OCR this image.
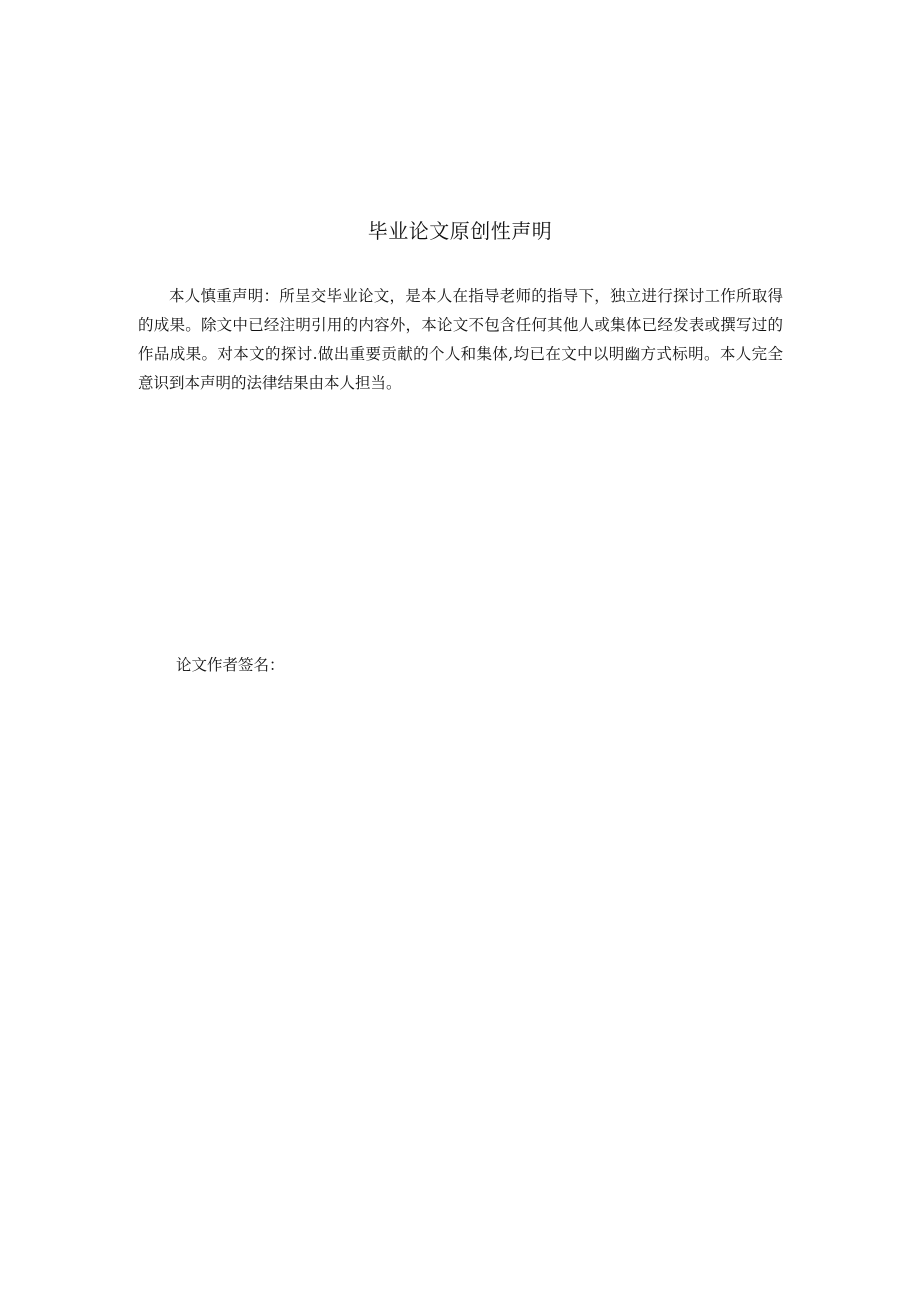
毕业论文原创性声明

本人慎重声明：所呈交毕业论文，是本人在指导老师的指导下，独立进行探讨工作所取得的成果。除文中已经注明引用的内容外，本论文不包含任何其他人或集体已经发表或撰写过的作品成果。对本文的探讨.做出重要贡献的个人和集体,均已在文中以明幽方式标明。本人完全意识到本声明的法律结果由本人担当。

论文作者签名：
